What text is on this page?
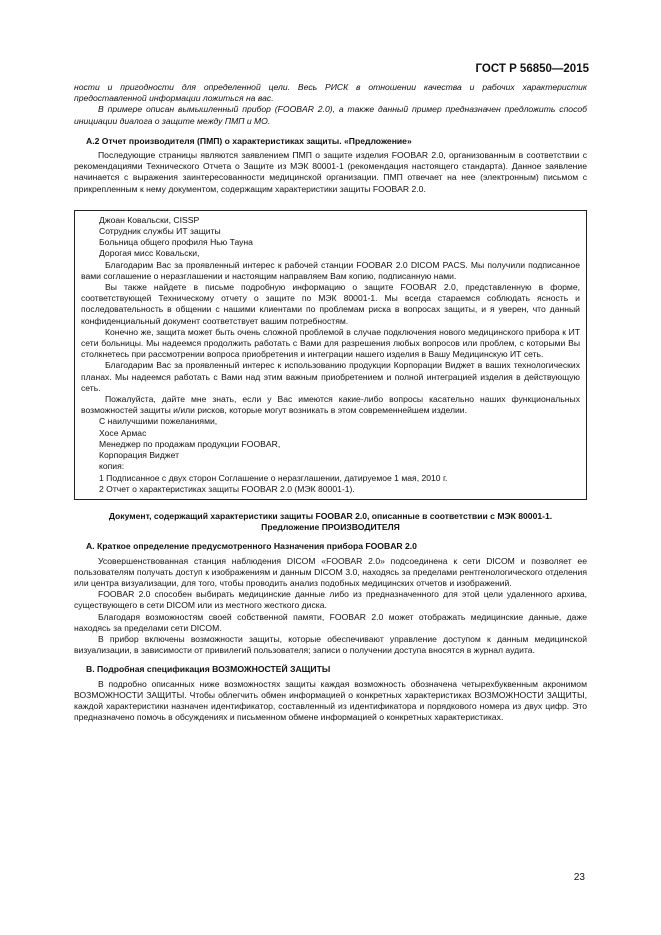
ГОСТ Р 56850—2015

ности и пригодности для определенной цели. Весь РИСК в отношении качества и рабочих характеристик предоставленной информации ложиться на вас.

В примере описан вымышленный прибор (FOOBAR 2.0), а также данный пример предназначен предложить способ инициации диалога о защите между ПМП и МО.

А.2 Отчет производителя (ПМП) о характеристиках защиты. «Предложение»

Последующие страницы являются заявлением ПМП о защите изделия FOOBAR 2.0, организованным в соответствии с рекомендациями Технического Отчета о Защите из МЭК 80001-1 (рекомендация настоящего стандарта). Данное заявление начинается с выражения заинтересованности медицинской организации. ПМП отвечает на нее (электронным) письмом с прикрепленным к нему документом, содержащим характеристики защиты FOOBAR 2.0.

Джоан Ковальски, CISSP

Сотрудник службы ИТ защиты

Больница общего профиля Нью Тауна

Дорогая мисс Ковальски,

Благодарим Вас за проявленный интерес к рабочей станции FOOBAR 2.0 DICOM PACS. Мы получили подписанное вами соглашение о неразглашении и настоящим направляем Вам копию, подписанную нами.

Вы также найдете в письме подробную информацию о защите FOOBAR 2.0, представленную в форме, соответствующей Техническому отчету о защите по МЭК 80001-1. Мы всегда стараемся соблюдать ясность и последовательность в общении с нашими клиентами по проблемам риска в вопросах защиты, и я уверен, что данный конфиденциальный документ соответствует вашим потребностям.

Конечно же, защита может быть очень сложной проблемой в случае подключения нового медицинского прибора к ИТ сети больницы. Мы надеемся продолжить работать с Вами для разрешения любых вопросов или проблем, с которыми Вы столкнетесь при рассмотрении вопроса приобретения и интеграции нашего изделия в Вашу Медицинскую ИТ сеть.

Благодарим Вас за проявленный интерес к использованию продукции Корпорации Виджет в ваших технологических планах. Мы надеемся работать с Вами над этим важным приобретением и полной интеграцией изделия в действующую сеть.

Пожалуйста, дайте мне знать, если у Вас имеются какие-либо вопросы касательно наших функциональных возможностей защиты и/или рисков, которые могут возникать в этом современнейшем изделии.

С наилучшими пожеланиями,

Хосе Армас

Менеджер по продажам продукции FOOBAR,

Корпорация Виджет

копия:

1 Подписанное с двух сторон Соглашение о неразглашении, датируемое 1 мая, 2010 г.

2 Отчет о характеристиках защиты FOOBAR 2.0 (МЭК 80001-1).

Документ, содержащий характеристики защиты FOOBAR 2.0, описанные в соответствии с МЭК 80001-1.

Предложение ПРОИЗВОДИТЕЛЯ

А. Краткое определение предусмотренного Назначения прибора FOOBAR 2.0

Усовершенствованная станция наблюдения DICOM «FOOBAR 2.0» подсоединена к сети DICOM и позволяет ее пользователям получать доступ к изображениям и данным DICOM 3.0, находясь за пределами рентгенологического отделения или центра визуализации, для того, чтобы проводить анализ подобных медицинских отчетов и изображений.

FOOBAR 2.0 способен выбирать медицинские данные либо из предназначенного для этой цели удаленного архива, существующего в сети DICOM или из местного жесткого диска.

Благодаря возможностям своей собственной памяти, FOOBAR 2.0 может отображать медицинские данные, даже находясь за пределами сети DICOM.

В прибор включены возможности защиты, которые обеспечивают управление доступом к данным медицинской визуализации, в зависимости от привилегий пользователя; записи о получении доступа вносятся в журнал аудита.

В. Подробная спецификация ВОЗМОЖНОСТЕЙ ЗАЩИТЫ

В подробно описанных ниже возможностях защиты каждая возможность обозначена четырехбуквенным акронимом ВОЗМОЖНОСТИ ЗАЩИТЫ. Чтобы облегчить обмен информацией о конкретных характеристиках ВОЗМОЖНОСТИ ЗАЩИТЫ, каждой характеристики назначен идентификатор, составленный из идентификатора и порядкового номера из двух цифр. Это предназначено помочь в обсуждениях и письменном обмене информацией о конкретных характеристиках.

23
